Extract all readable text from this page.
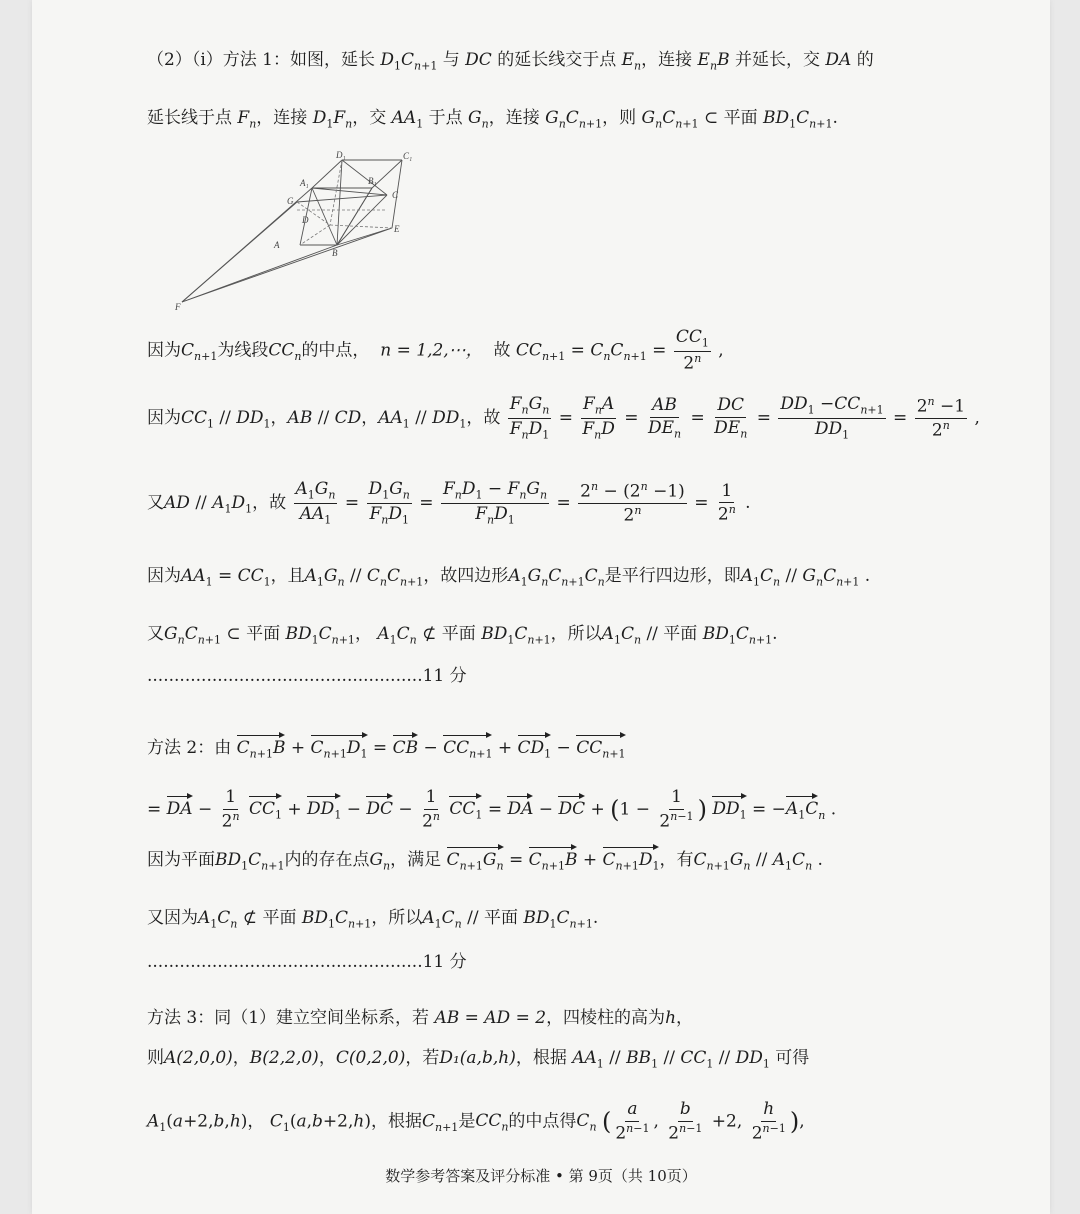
（2）（i）方法 1：如图，延长 $D_1C_{n+1}$ 与 DC 的延长线交于点 $E_n$，连接 $E_nB$ 并延长，交 DA 的
延长线于点 $F_n$，连接 $D_1F_n$，交 $AA_1$ 于点 $G_n$，连接 $G_nC_{n+1}$，则 $G_nC_{n+1}$ ⊂ 平面 $BD_1C_{n+1}$.
D₁	C₁
A₁	B₁
G
C
D
A
E
B
F
因为$C_{n+1}$为线段$CC_n$的中点， n = 1,2,⋯， 故 $CC_{n+1} = C_nC_{n+1} = \frac{CC_1}{2^n}$ ,
因为$CC_1 // DD_1$，AB // CD，$AA_1 // DD_1$，故 $\frac{F_nG_n}{F_nD_1} = \frac{F_nA}{F_nD} = \frac{AB}{DE_n} = \frac{DC}{DE_n} = \frac{DD_1 -CC_{n+1}}{DD_1} = \frac{2^n -1}{2^n}$ ,
又AD // $A_1D_1$，故 $\frac{A_1G_n}{AA_1} = \frac{D_1G_n}{F_nD_1} = \frac{F_nD_1 - F_nG_n}{F_nD_1} = \frac{2^n - (2^n -1)}{2^n} = \frac{1}{2^n}$ .
因为$AA_1 = CC_1$，且$A_1G_n // C_nC_{n+1}$，故四边形$A_1G_nC_{n+1}C_n$是平行四边形，即$A_1C_n // G_nC_{n+1}$ .
又$G_nC_{n+1}$ ⊂ 平面 $BD_1C_{n+1}$， $A_1C_n$ ⊄ 平面 $BD_1C_{n+1}$，所以$A_1C_n$ // 平面 $BD_1C_{n+1}$.
...................................................11 分
方法 2：由 $C_{n+1}B + C_{n+1}D_1$ = CB − $CC_{n+1} + CD_1 - CC_{n+1}$
= DA − $\frac{1}{2^n} CC_1 + DD_1$ − DC − $\frac{1}{2^n} CC_1$ = DA − DC + ($1 - \frac{1}{2^{n-1}}$ ) $DD_1 = -A_1C_n$ .
因为平面$BD_1C_{n+1}$内的存在点$G_n$，满足 $C_{n+1}G_n = C_{n+1}B + C_{n+1}D_1$，有$C_{n+1}G_n // A_1C_n$ .
又因为$A_1C_n$ ⊄ 平面 $BD_1C_{n+1}$，所以$A_1C_n$ // 平面 $BD_1C_{n+1}$.
...................................................11 分
方法 3：同（1）建立空间坐标系，若 AB = AD = 2，四棱柱的高为h，
则A(2,0,0)，B(2,2,0)，C(0,2,0)，若D₁(a,b,h)，根据 $AA_1 // BB_1 // CC_1 // DD_1$ 可得
$A_1(a+2,b,h)$， $C_1(a,b+2,h)$，根据$C_{n+1}$是$CC_n$的中点得$C_n$ ( $\frac{a}{2^{n-1}}$ , $\frac{b}{2^{n-1}} +2$, $\frac{h}{2^{n-1}}$ ),
数学参考答案及评分标准 • 第 9页（共 10页）
